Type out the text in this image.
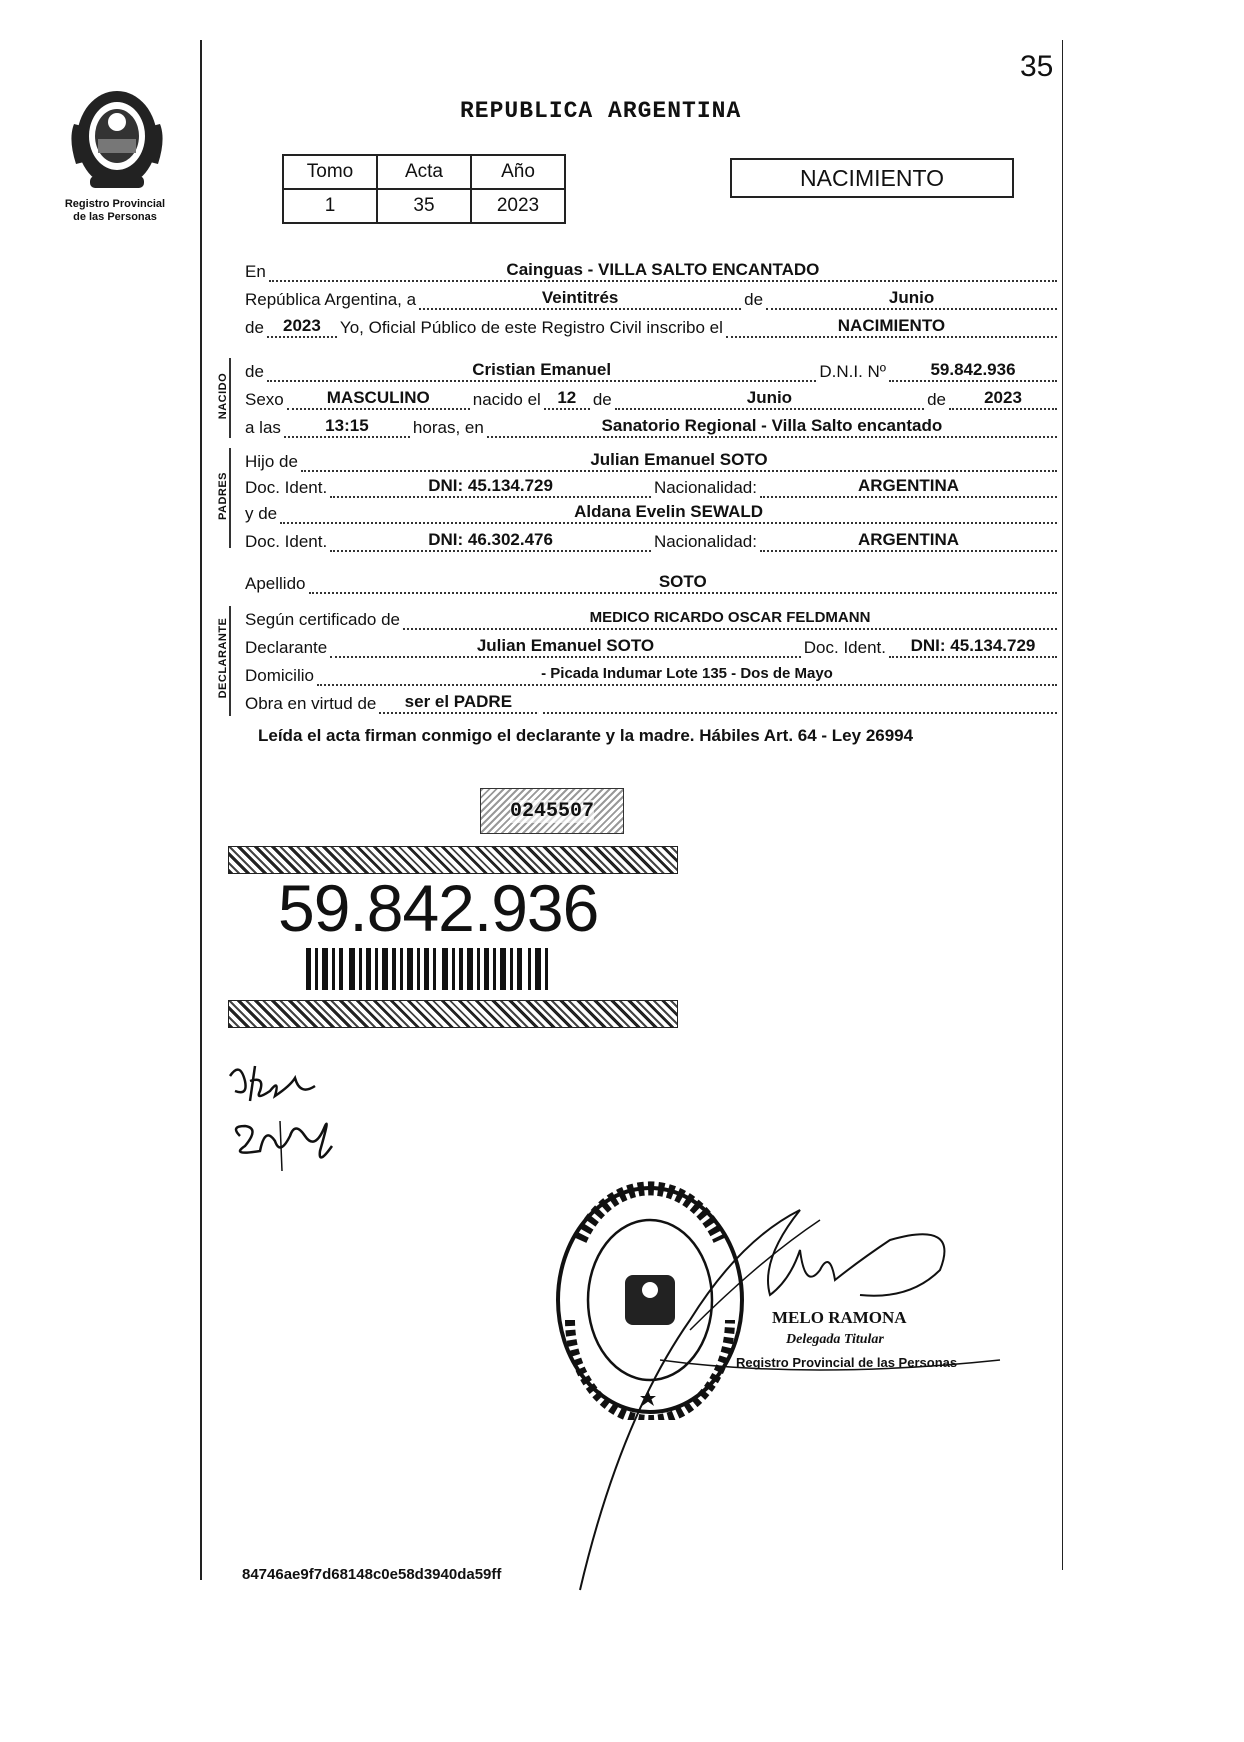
35
REPUBLICA ARGENTINA
Registro Provincial
de las Personas
Tomo	Acta	Año
1	35	2023
NACIMIENTO
En	Cainguas - VILLA SALTO ENCANTADO
República Argentina, a	Veintitrés	de	Junio
de	2023	Yo, Oficial Público de este Registro Civil inscribo el	NACIMIENTO
NACIDO
de	Cristian Emanuel	D.N.I. Nº	59.842.936
Sexo	MASCULINO	nacido el 12 de	Junio	de	2023
a las	13:15	horas, en	Sanatorio Regional - Villa Salto encantado
PADRES
Hijo de	Julian Emanuel SOTO
Doc. Ident.	DNI: 45.134.729	Nacionalidad:	ARGENTINA
y de	Aldana Evelin SEWALD
Doc. Ident.	DNI: 46.302.476	Nacionalidad:	ARGENTINA
Apellido	SOTO
DECLARANTE Según certificado de	MEDICO RICARDO OSCAR FELDMANN
Declarante	Julian Emanuel SOTO	Doc. Ident.	DNI: 45.134.729
Domicilio	- Picada Indumar Lote 135 - Dos de Mayo
Obra en virtud de	ser el PADRE
Leída el acta firman conmigo el declarante y la madre. Hábiles Art. 64 - Ley 26994
0245507
59.842.936
MELO RAMONA
Delegada Titular
Registro Provincial de las Personas
84746ae9f7d68148c0e58d3940da59ff
